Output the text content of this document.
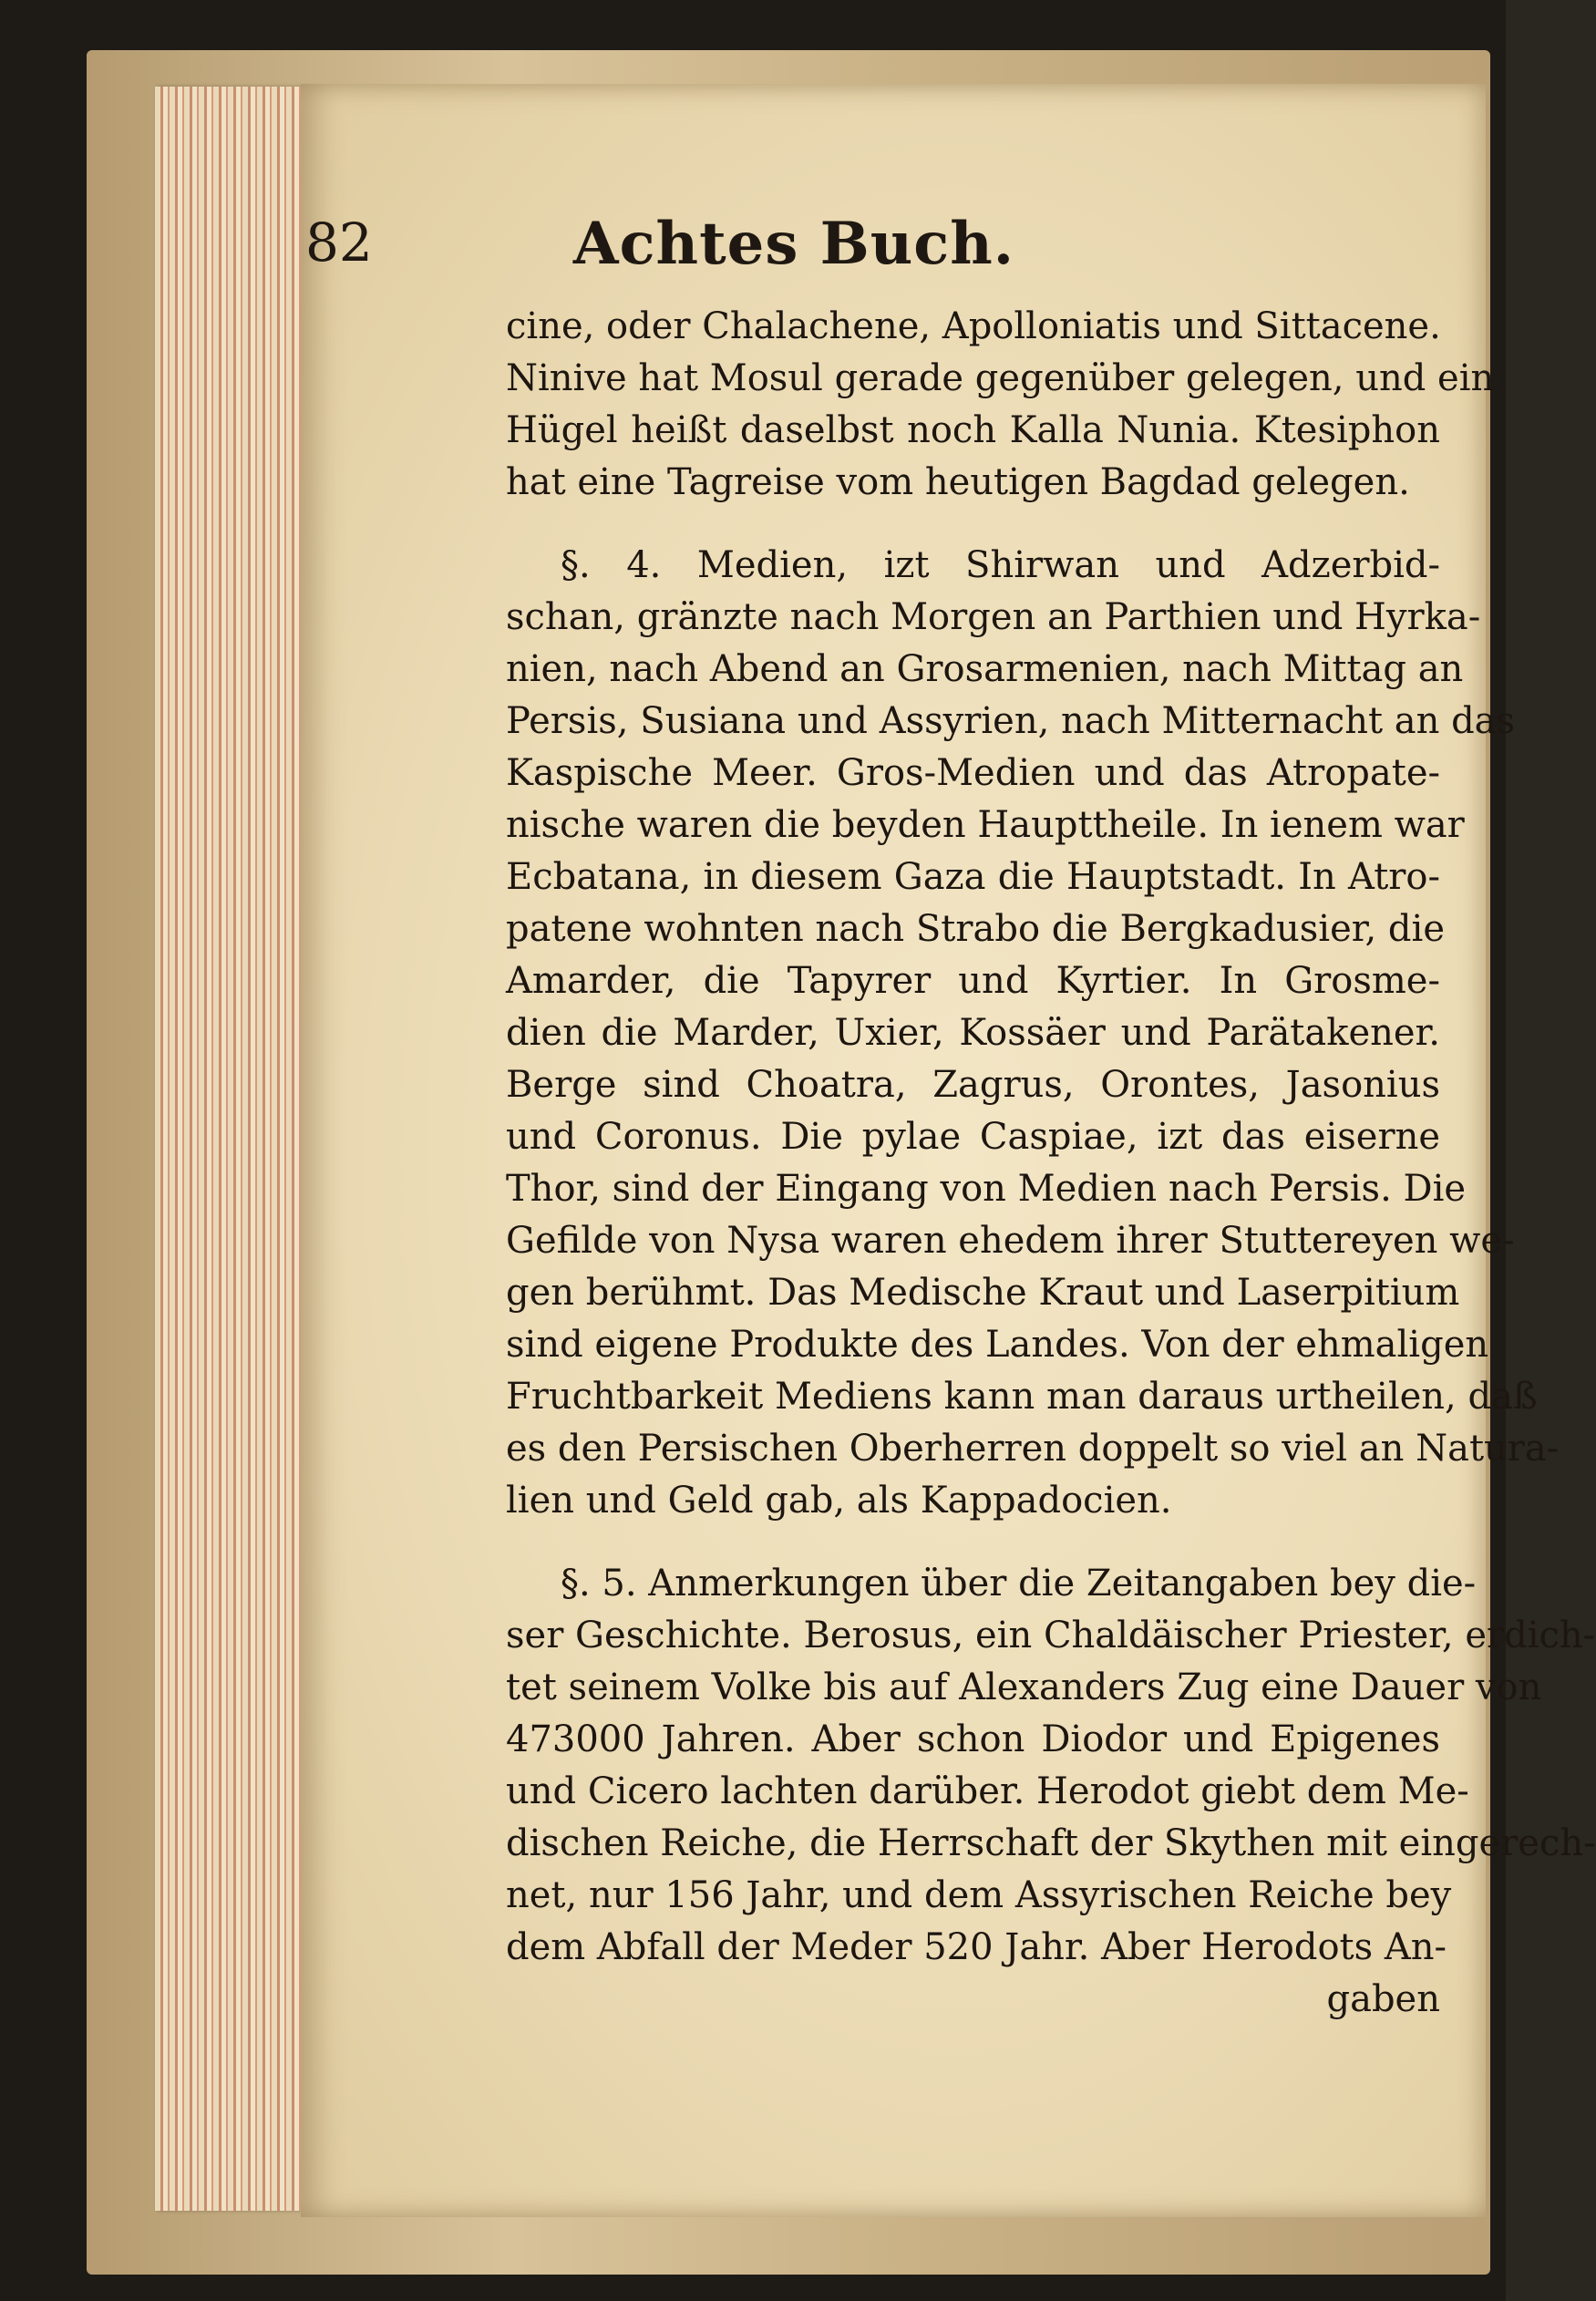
82	Achtes Buch.
cine, oder Chalachene, Apolloniatis und Sittacene.
Ninive hat Mosul gerade gegenüber gelegen, und ein
Hügel heißt daselbst noch Kalla Nunia. Ktesiphon
hat eine Tagreise vom heutigen Bagdad gelegen.
§. 4. Medien, izt Shirwan und Adzerbid-
schan, gränzte nach Morgen an Parthien und Hyrka-
nien, nach Abend an Grosarmenien, nach Mittag an
Persis, Susiana und Assyrien, nach Mitternacht an das
Kaspische Meer. Gros-Medien und das Atropate-
nische waren die beyden Haupttheile. In ienem war
Ecbatana, in diesem Gaza die Hauptstadt. In Atro-
patene wohnten nach Strabo die Bergkadusier, die
Amarder, die Tapyrer und Kyrtier. In Grosme-
dien die Marder, Uxier, Kossäer und Parätakener.
Berge sind Choatra, Zagrus, Orontes, Jasonius
und Coronus. Die pylae Caspiae, izt das eiserne
Thor, sind der Eingang von Medien nach Persis. Die
Gefilde von Nysa waren ehedem ihrer Stuttereyen we-
gen berühmt. Das Medische Kraut und Laserpitium
sind eigene Produkte des Landes. Von der ehmaligen
Fruchtbarkeit Mediens kann man daraus urtheilen, daß
es den Persischen Oberherren doppelt so viel an Natura-
lien und Geld gab, als Kappadocien.
§. 5. Anmerkungen über die Zeitangaben bey die-
ser Geschichte. Berosus, ein Chaldäischer Priester, erdich-
tet seinem Volke bis auf Alexanders Zug eine Dauer von
473000 Jahren. Aber schon Diodor und Epigenes
und Cicero lachten darüber. Herodot giebt dem Me-
dischen Reiche, die Herrschaft der Skythen mit eingerech-
net, nur 156 Jahr, und dem Assyrischen Reiche bey
dem Abfall der Meder 520 Jahr. Aber Herodots An-
gaben
